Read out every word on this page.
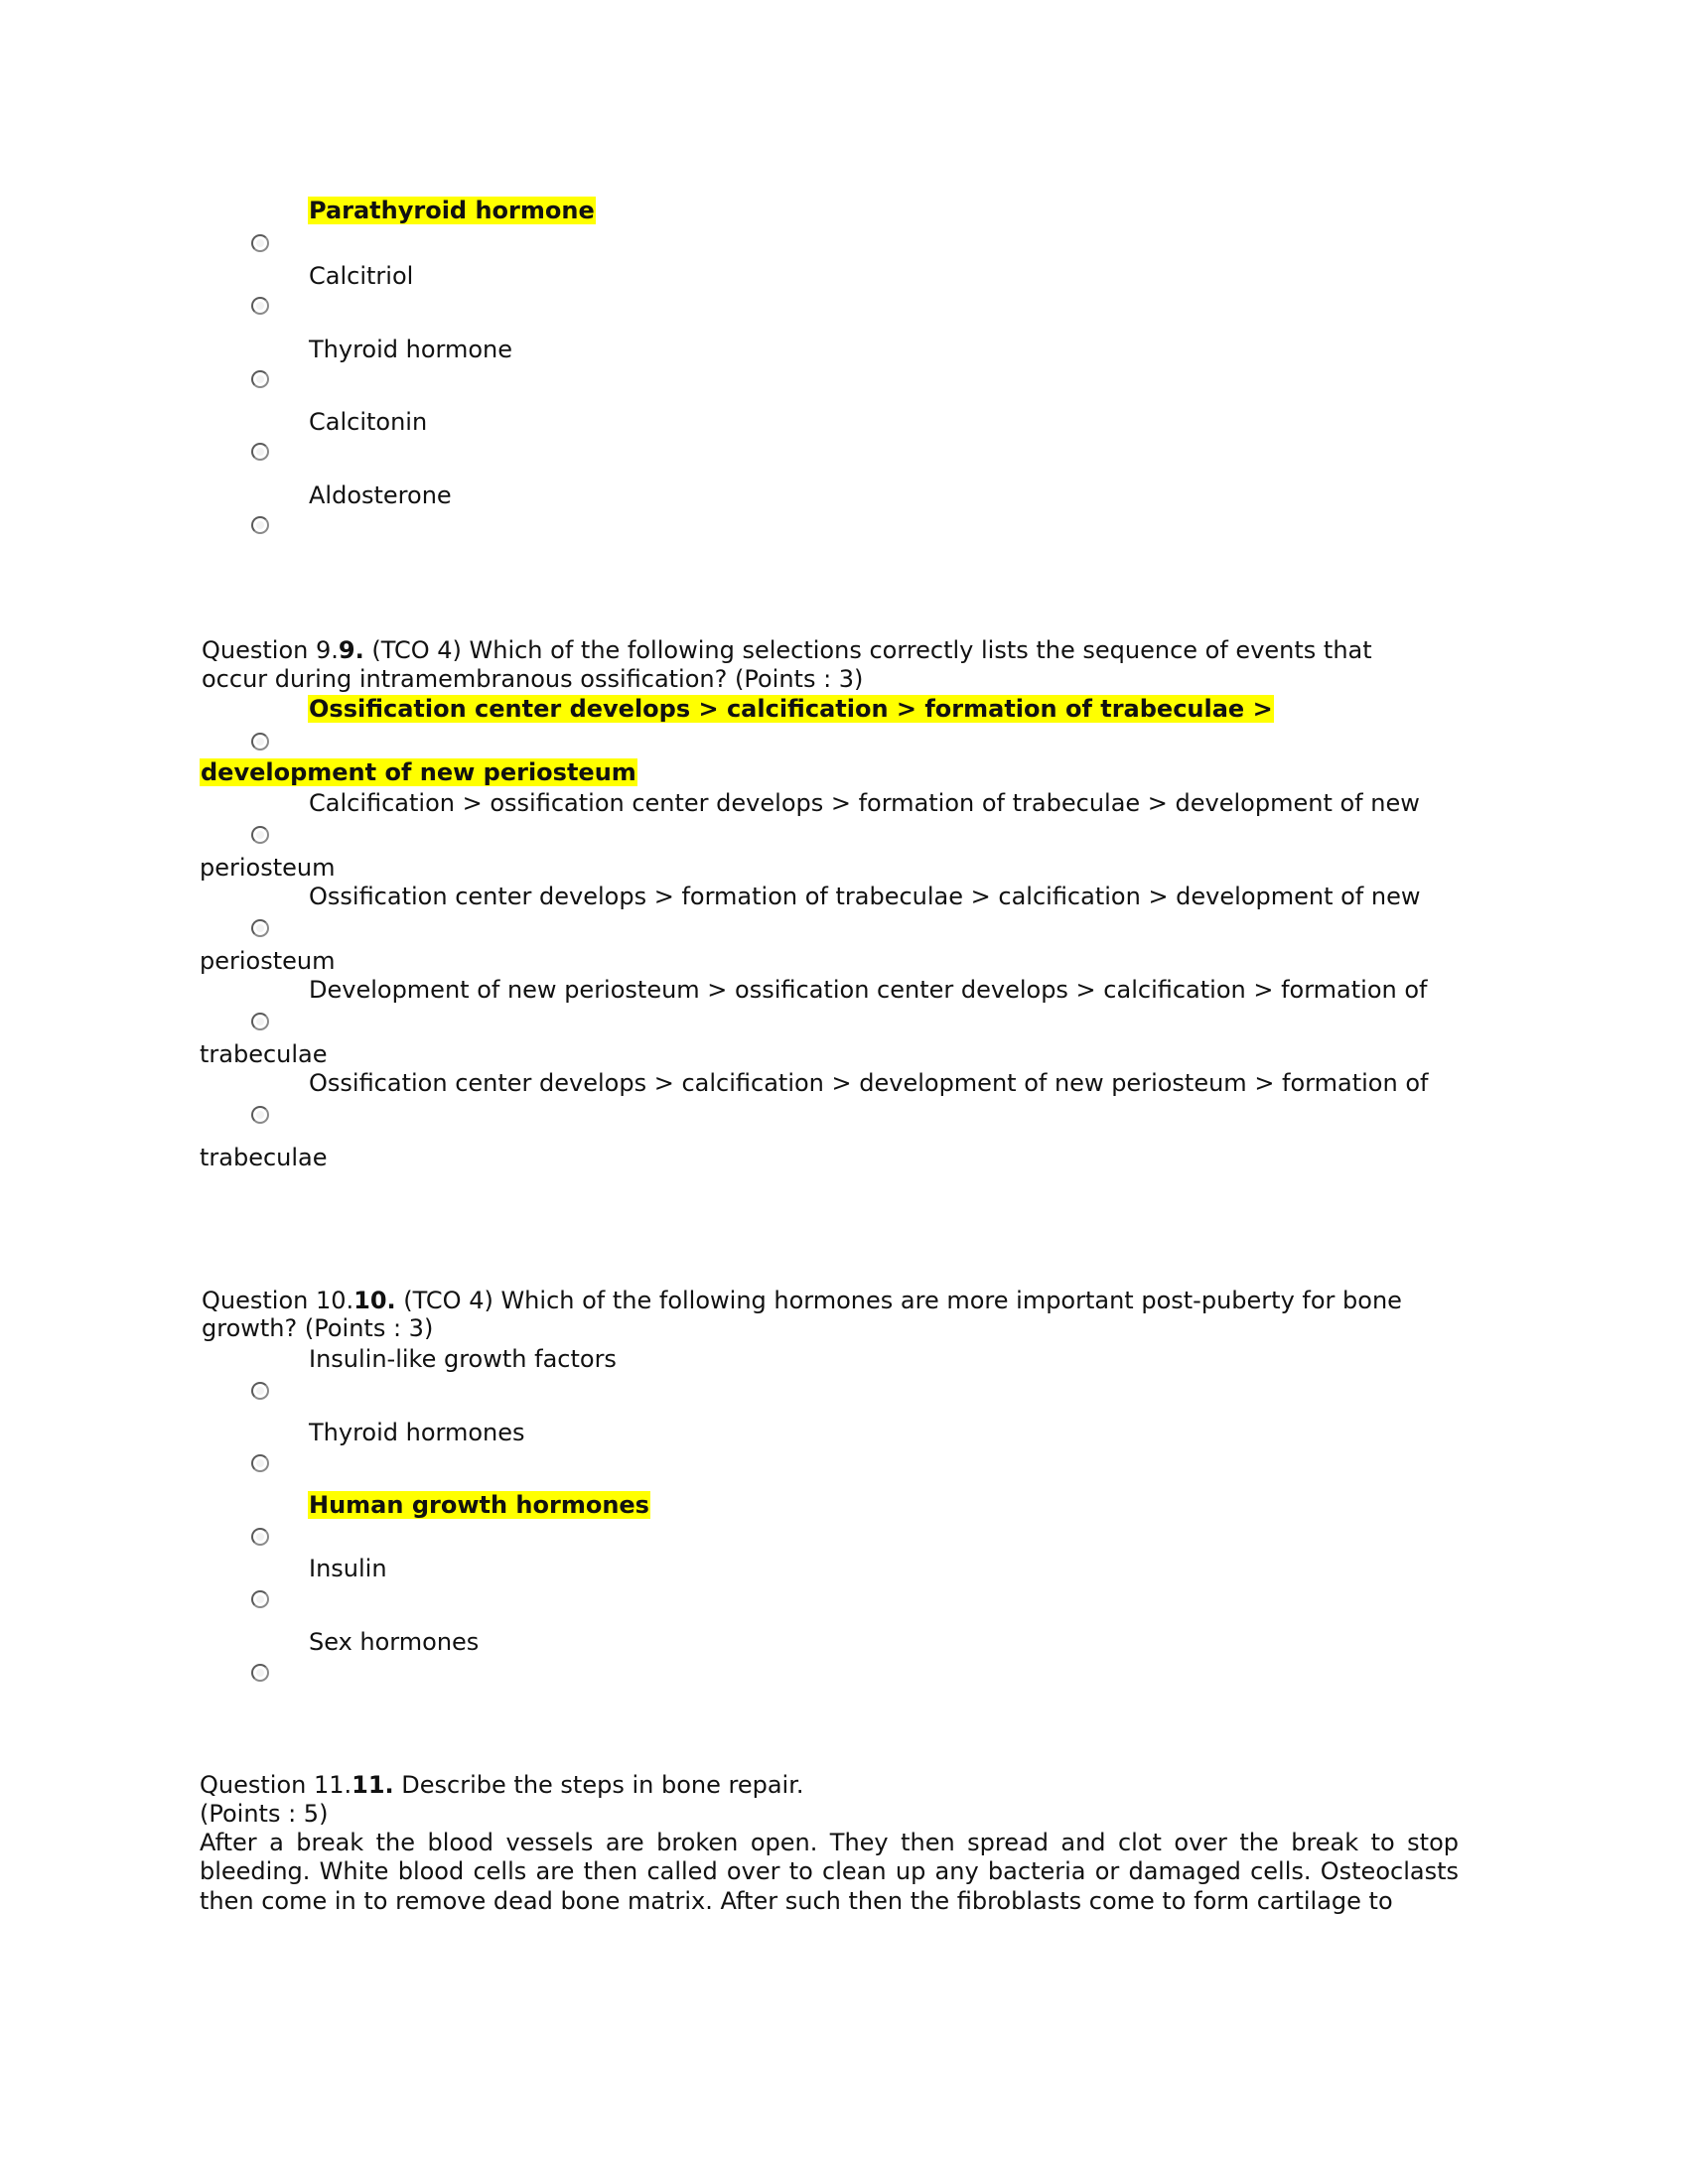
Parathyroid hormone
Calcitriol
Thyroid hormone
Calcitonin
Aldosterone
Question 9.9. (TCO 4) Which of the following selections correctly lists the sequence of events that
occur during intramembranous ossification? (Points : 3)
Ossification center develops > calcification > formation of trabeculae >
development of new periosteum
Calcification > ossification center develops > formation of trabeculae > development of new
periosteum
Ossification center develops > formation of trabeculae > calcification > development of new
periosteum
Development of new periosteum > ossification center develops > calcification > formation of
trabeculae
Ossification center develops > calcification > development of new periosteum > formation of
trabeculae
Question 10.10. (TCO 4) Which of the following hormones are more important post-puberty for bone
growth? (Points : 3)
Insulin-like growth factors
Thyroid hormones
Human growth hormones
Insulin
Sex hormones
Question 11.11. Describe the steps in bone repair.
(Points : 5)
After a break the blood vessels are broken open. They then spread and clot over the break to stop
bleeding. White blood cells are then called over to clean up any bacteria or damaged cells. Osteoclasts
then come in to remove dead bone matrix. After such then the fibroblasts come to form cartilage to
